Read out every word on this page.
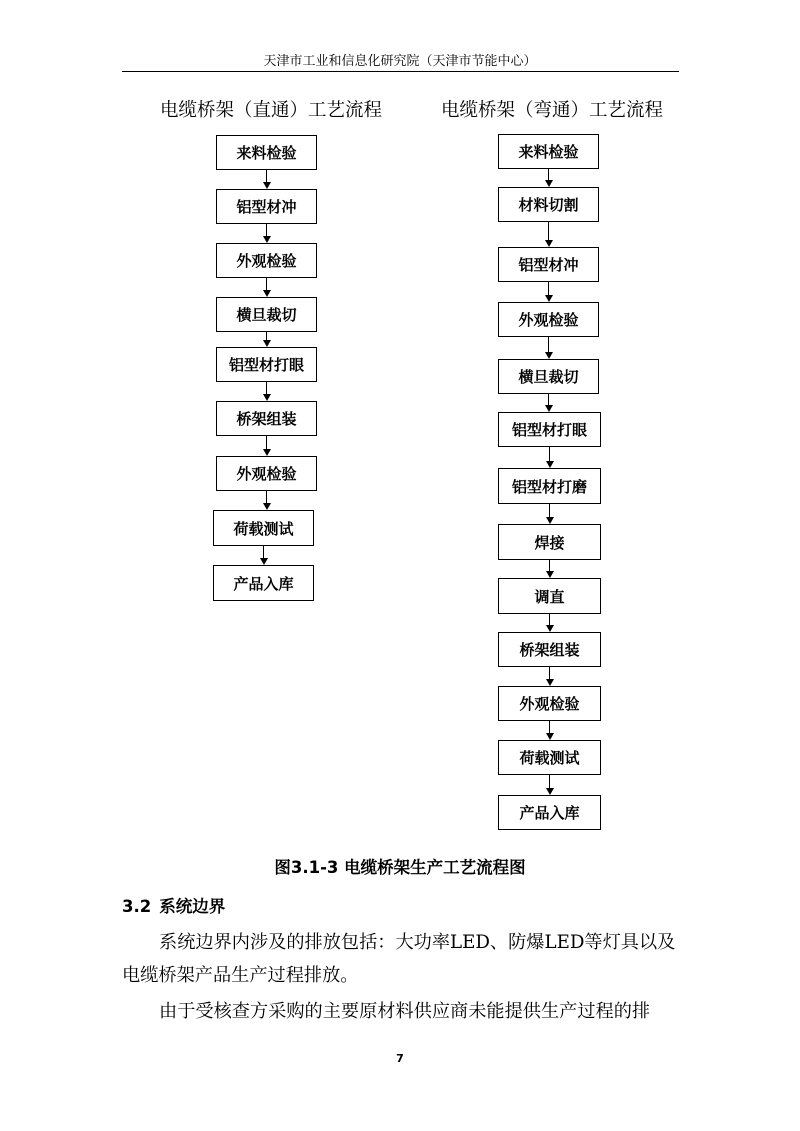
天津市工业和信息化研究院（天津市节能中心）
电缆桥架（直通）工艺流程	电缆桥架（弯通）工艺流程
来料检验
铝型材冲
外观检验
横旦裁切
铝型材打眼
桥架组装
外观检验
荷载测试
产品入库
来料检验
材料切割
铝型材冲
外观检验
横旦裁切
铝型材打眼
铝型材打磨
焊接
调直
桥架组装
外观检验
荷载测试
产品入库
图3.1-3 电缆桥架生产工艺流程图
3.2 系统边界
系统边界内涉及的排放包括：大功率LED、防爆LED等灯具以及电缆桥架产品生产过程排放。
由于受核查方采购的主要原材料供应商未能提供生产过程的排
7
